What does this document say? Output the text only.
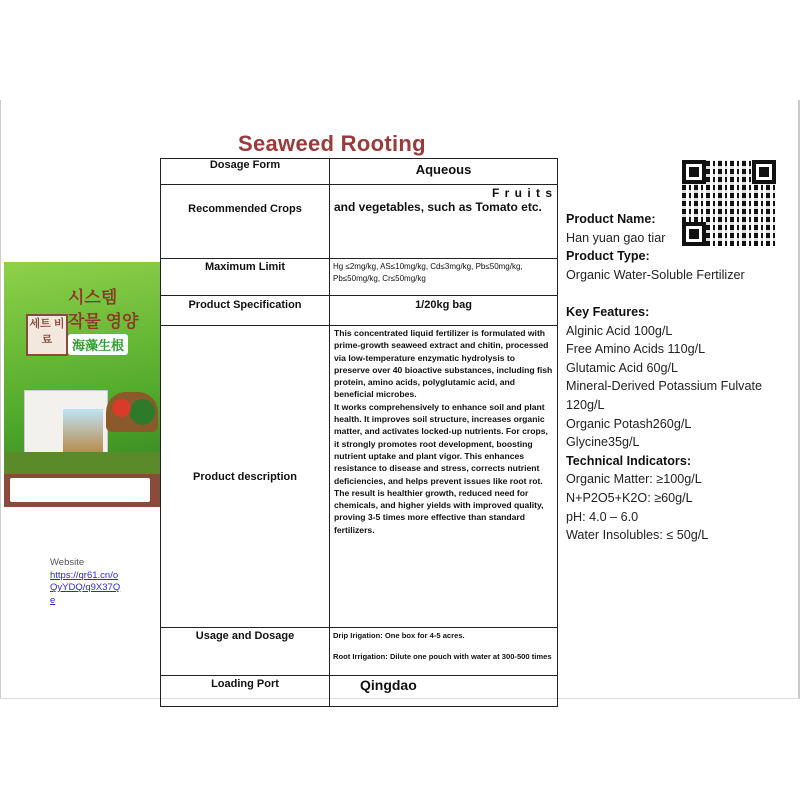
Seaweed Rooting
Dosage Form	Aqueous
Recommended Crops	F r u i t s
and vegetables, such as Tomato etc.

Maximum Limit	Hg ≤2mg/kg, AS≤10mg/kg, Cd≤3mg/kg, Pb≤50mg/kg, Pb≤50mg/kg, Cr≤50mg/kg
Product Specification	1/20kg bag
Product description	This concentrated liquid fertilizer is formulated with prime-growth seaweed extract and chitin, processed via low-temperature enzymatic hydrolysis to preserve over 40 bioactive substances, including fish protein, amino acids, polyglutamic acid, and beneficial microbes.
It works comprehensively to enhance soil and plant health. It improves soil structure, increases organic matter, and activates locked-up nutrients. For crops, it strongly promotes root development, boosting nutrient uptake and plant vigor. This enhances resistance to disease and stress, corrects nutrient deficiencies, and helps prevent issues like root rot. The result is healthier growth, reduced need for chemicals, and higher yields with improved quality, proving 3-5 times more effective than standard fertilizers.

Usage and Dosage	Drip Irigation: One box for 4-5 acres.
Root Irrigation: Dilute one pouch with water at 300-500 times

Loading Port	Qingdao
세트 비료
시스템
작물 영양
海藻生根
Website
https://qr61.cn/oQyYDQ/q9X37Qe
Product Name:
Han yuan gao tiar
Product Type:
Organic Water-Soluble Fertilizer
Key Features:
Alginic Acid 100g/L
Free Amino Acids 110g/L
Glutamic Acid 60g/L
Mineral-Derived Potassium Fulvate 120g/L
Organic Potash260g/L
Glycine35g/L
Technical Indicators:
Organic Matter: ≥100g/L
N+P2O5+K2O: ≥60g/L
pH: 4.0 – 6.0
Water Insolubles: ≤ 50g/L
